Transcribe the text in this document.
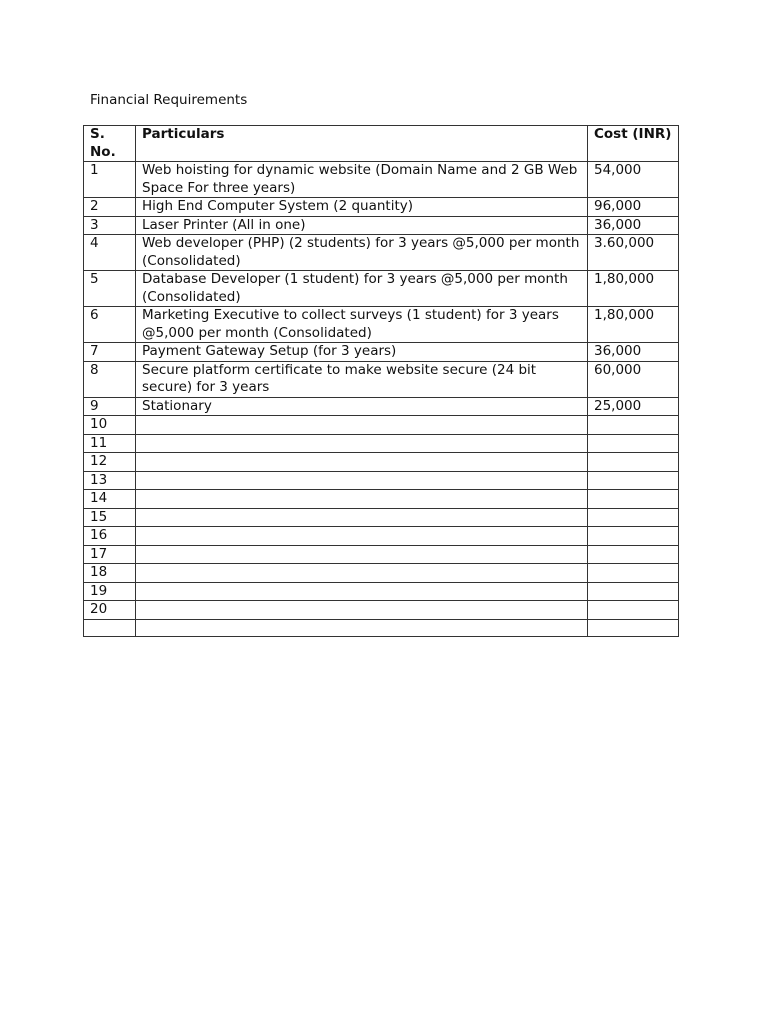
Financial Requirements
S. No.	Particulars	Cost (INR)
1	Web hoisting for dynamic website (Domain Name and 2 GB Web Space For three years)	54,000
2	High End Computer System (2 quantity)	96,000
3	Laser Printer (All in one)	36,000
4	Web developer (PHP) (2 students) for 3 years @5,000 per month (Consolidated)	3.60,000
5	Database Developer (1 student) for 3 years @5,000 per month (Consolidated)	1,80,000
6	Marketing Executive to collect surveys (1 student) for 3 years @5,000 per month (Consolidated)	1,80,000
7	Payment Gateway Setup (for 3 years)	36,000
8	Secure platform certificate to make website secure (24 bit secure) for 3 years	60,000
9	Stationary	25,000
10		
11		
12		
13		
14		
15		
16		
17		
18		
19		
20		
